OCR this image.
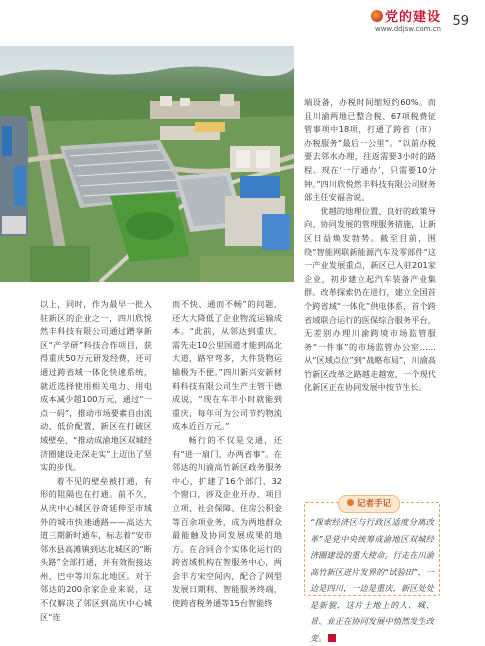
党的建设
www.ddjsw.com.cn 59

以上，同时，作为最早一批入驻新区的企业之一，四川欣悦然丰科技有限公司通过蹭享新区“产学研”科技合作项目，获得重庆50万元研发经费，还可通过跨省域一体化快速系统，就近选择使用相关电力、用电成本减少超100万元，通过“一点一码”，推动市场要素自由流动、低价配置，新区在打破区域壁垒，“推动成渝地区双城经济圈建设走深走实”上迈出了坚实的步伐。

着不见的壁垒被打通，有形的阻隔也在打通。前不久，从庆中心城区谷奇延伸至市域外的城市快速通路——高达大道三期新时通车，标志着“安市邻水县高滩镇到达北城区的“断头路”全部打通，并有效衔接达州、巴中等川东北地区。对于邻达的200余家企业来说，这不仅解决了邻区到高庆中心城区“连

而不快、通而不畅”的问题，还大大降低了企业物流运输成本。“此前，从邻达到重庆，需先走10公里国道才能到高北大道，路窄弯多，大件货物运输极为不便。”四川新兴安新材料科技有限公司生产主管干德成说，“现在车半小时就能到重庆，每年可为公司节约物流成本近百万元。”

畅行的不仅是交通，还有“进一扇门，办两省事”。在邻达的川渝高竹新区政务服务中心，扩建了16个部门、32个窗口，涉及企业开办、项目立项、社会保障、住房公积金等百余项业务，成为两地群众最能触及协同发展成果的地方。在合同合个实体化运行的跨省域机构在智服务中心，两会半方宋空间内，配合了网型发展日期利、智能服务终端，使跨省税务通等15台智能终

端设备，办税时间缩短约60%。而且川渝两地已整合税、67项税费征管事项中18项，打通了跨省（市）办税服务“最后一公里”。“以前办税要去邻水办理，往返需要3小时的路程。现在‘一厅通办’，只需要10分钟。”四川欣悦然丰科技有限公司财务部主任安福舍说。

优越的地理位置、良好的政策导向、协同发展的管理服务措施，让新区日益焕发勃势。截至目前，围绕“智能网联新能源汽车及零部件”这一产业发展重点，新区已入驻201家企业，初步建立起汽车装备产业集群。改革探索仍在进行，建立全国首个跨省域“一体化”供电体系，首个跨省域联合运行的医保综合服务平台，无差别办理川渝跨境市场监管服务“一件事”的市场监管办公室……从“区域点位”到“战略布局”，川渝高竹新区改革之路越走越宽，一个现代化新区正在协同发展中按节生长。

记者手记
“探索经济区与行政区适度分离改革”是党中央统筹成渝地区双城经济圈建设的重大使命。行走在川渝高竹新区迸片发界的“试验田”，一边是四川，一边是重庆，新区处处是新貌，这片土地上的人、城、景、业正在协同发展中悄然发生改变。
